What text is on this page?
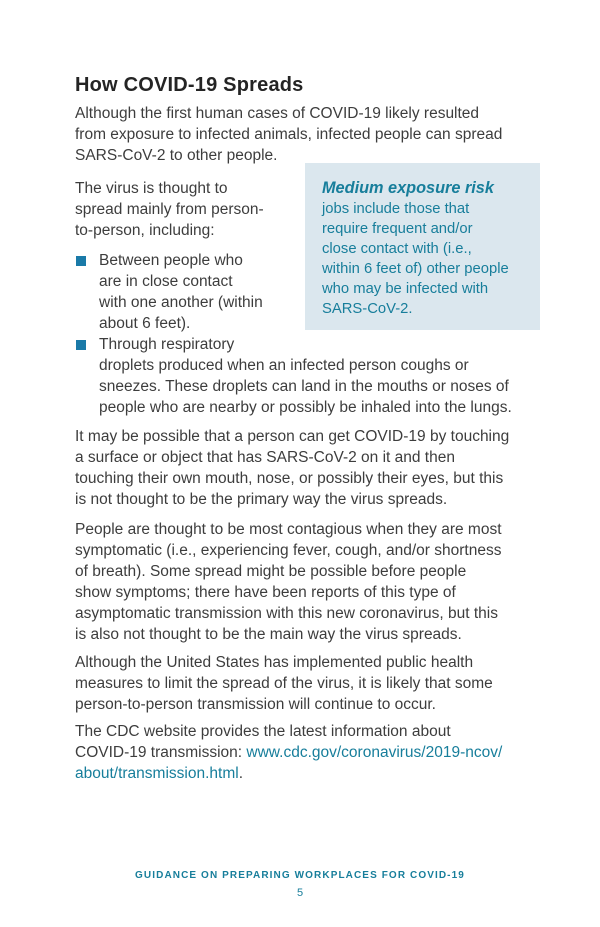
How COVID-19 Spreads

Although the first human cases of COVID-19 likely resulted
from exposure to infected animals, infected people can spread
SARS-CoV-2 to other people.

Medium exposure risk
jobs include those that
require frequent and/or
close contact with (i.e.,
within 6 feet of) other people
who may be infected with
SARS-CoV-2.

The virus is thought to
spread mainly from person-
to-person, including:

Between people who
are in close contact
with one another (within
about 6 feet).
Through respiratory
droplets produced when an infected person coughs or
sneezes. These droplets can land in the mouths or noses of
people who are nearby or possibly be inhaled into the lungs.

It may be possible that a person can get COVID-19 by touching
a surface or object that has SARS-CoV-2 on it and then
touching their own mouth, nose, or possibly their eyes, but this
is not thought to be the primary way the virus spreads.

People are thought to be most contagious when they are most
symptomatic (i.e., experiencing fever, cough, and/or shortness
of breath). Some spread might be possible before people
show symptoms; there have been reports of this type of
asymptomatic transmission with this new coronavirus, but this
is also not thought to be the main way the virus spreads.

Although the United States has implemented public health
measures to limit the spread of the virus, it is likely that some
person-to-person transmission will continue to occur.

The CDC website provides the latest information about
COVID-19 transmission: www.cdc.gov/coronavirus/2019-ncov/
about/transmission.html.

GUIDANCE ON PREPARING WORKPLACES FOR COVID-19
5
